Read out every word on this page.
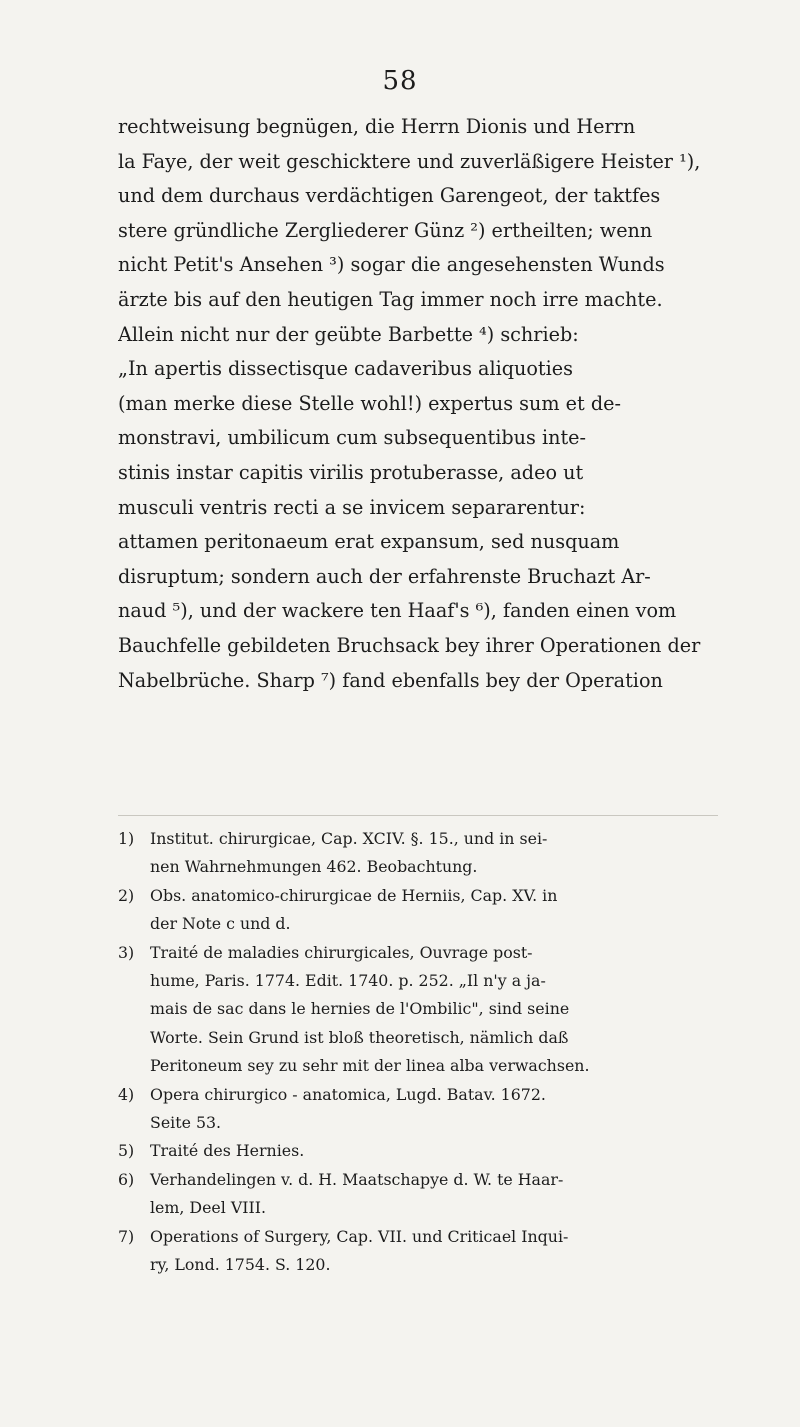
58
rechtweisung begnügen, die Herrn Dionis und Herrn
la Faye, der weit geschicktere und zuverläßigere Heister ¹),
und dem durchaus verdächtigen Garengeot, der taktfes
stere gründliche Zergliederer Günz ²) ertheilten; wenn
nicht Petit's Ansehen ³) sogar die angesehensten Wunds
ärzte bis auf den heutigen Tag immer noch irre machte.
Allein nicht nur der geübte Barbette ⁴) schrieb:
„In apertis dissectisque cadaveribus aliquoties
(man merke diese Stelle wohl!) expertus sum et de-
monstravi, umbilicum cum subsequentibus inte-
stinis instar capitis virilis protuberasse, adeo ut
musculi ventris recti a se invicem separarentur:
attamen peritonaeum erat expansum, sed nusquam
disruptum; sondern auch der erfahrenste Bruchazt Ar-
naud ⁵), und der wackere ten Haaf's ⁶), fanden einen vom
Bauchfelle gebildeten Bruchsack bey ihrer Operationen der
Nabelbrüche. Sharp ⁷) fand ebenfalls bey der Operation
1) Institut. chirurgicae, Cap. XCIV. §. 15., und in sei-
nen Wahrnehmungen 462. Beobachtung.
2) Obs. anatomico-chirurgicae de Herniis, Cap. XV. in
der Note c und d.
3) Traité de maladies chirurgicales, Ouvrage post-
hume, Paris. 1774. Edit. 1740. p. 252. „Il n'y a ja-
mais de sac dans le hernies de l'Ombilic", sind seine
Worte. Sein Grund ist bloß theoretisch, nämlich daß
Peritoneum sey zu sehr mit der linea alba verwachsen.
4) Opera chirurgico - anatomica, Lugd. Batav. 1672.
Seite 53.
5) Traité des Hernies.
6) Verhandelingen v. d. H. Maatschapye d. W. te Haar-
lem, Deel VIII.
7) Operations of Surgery, Cap. VII. und Criticael Inqui-
ry, Lond. 1754. S. 120.
